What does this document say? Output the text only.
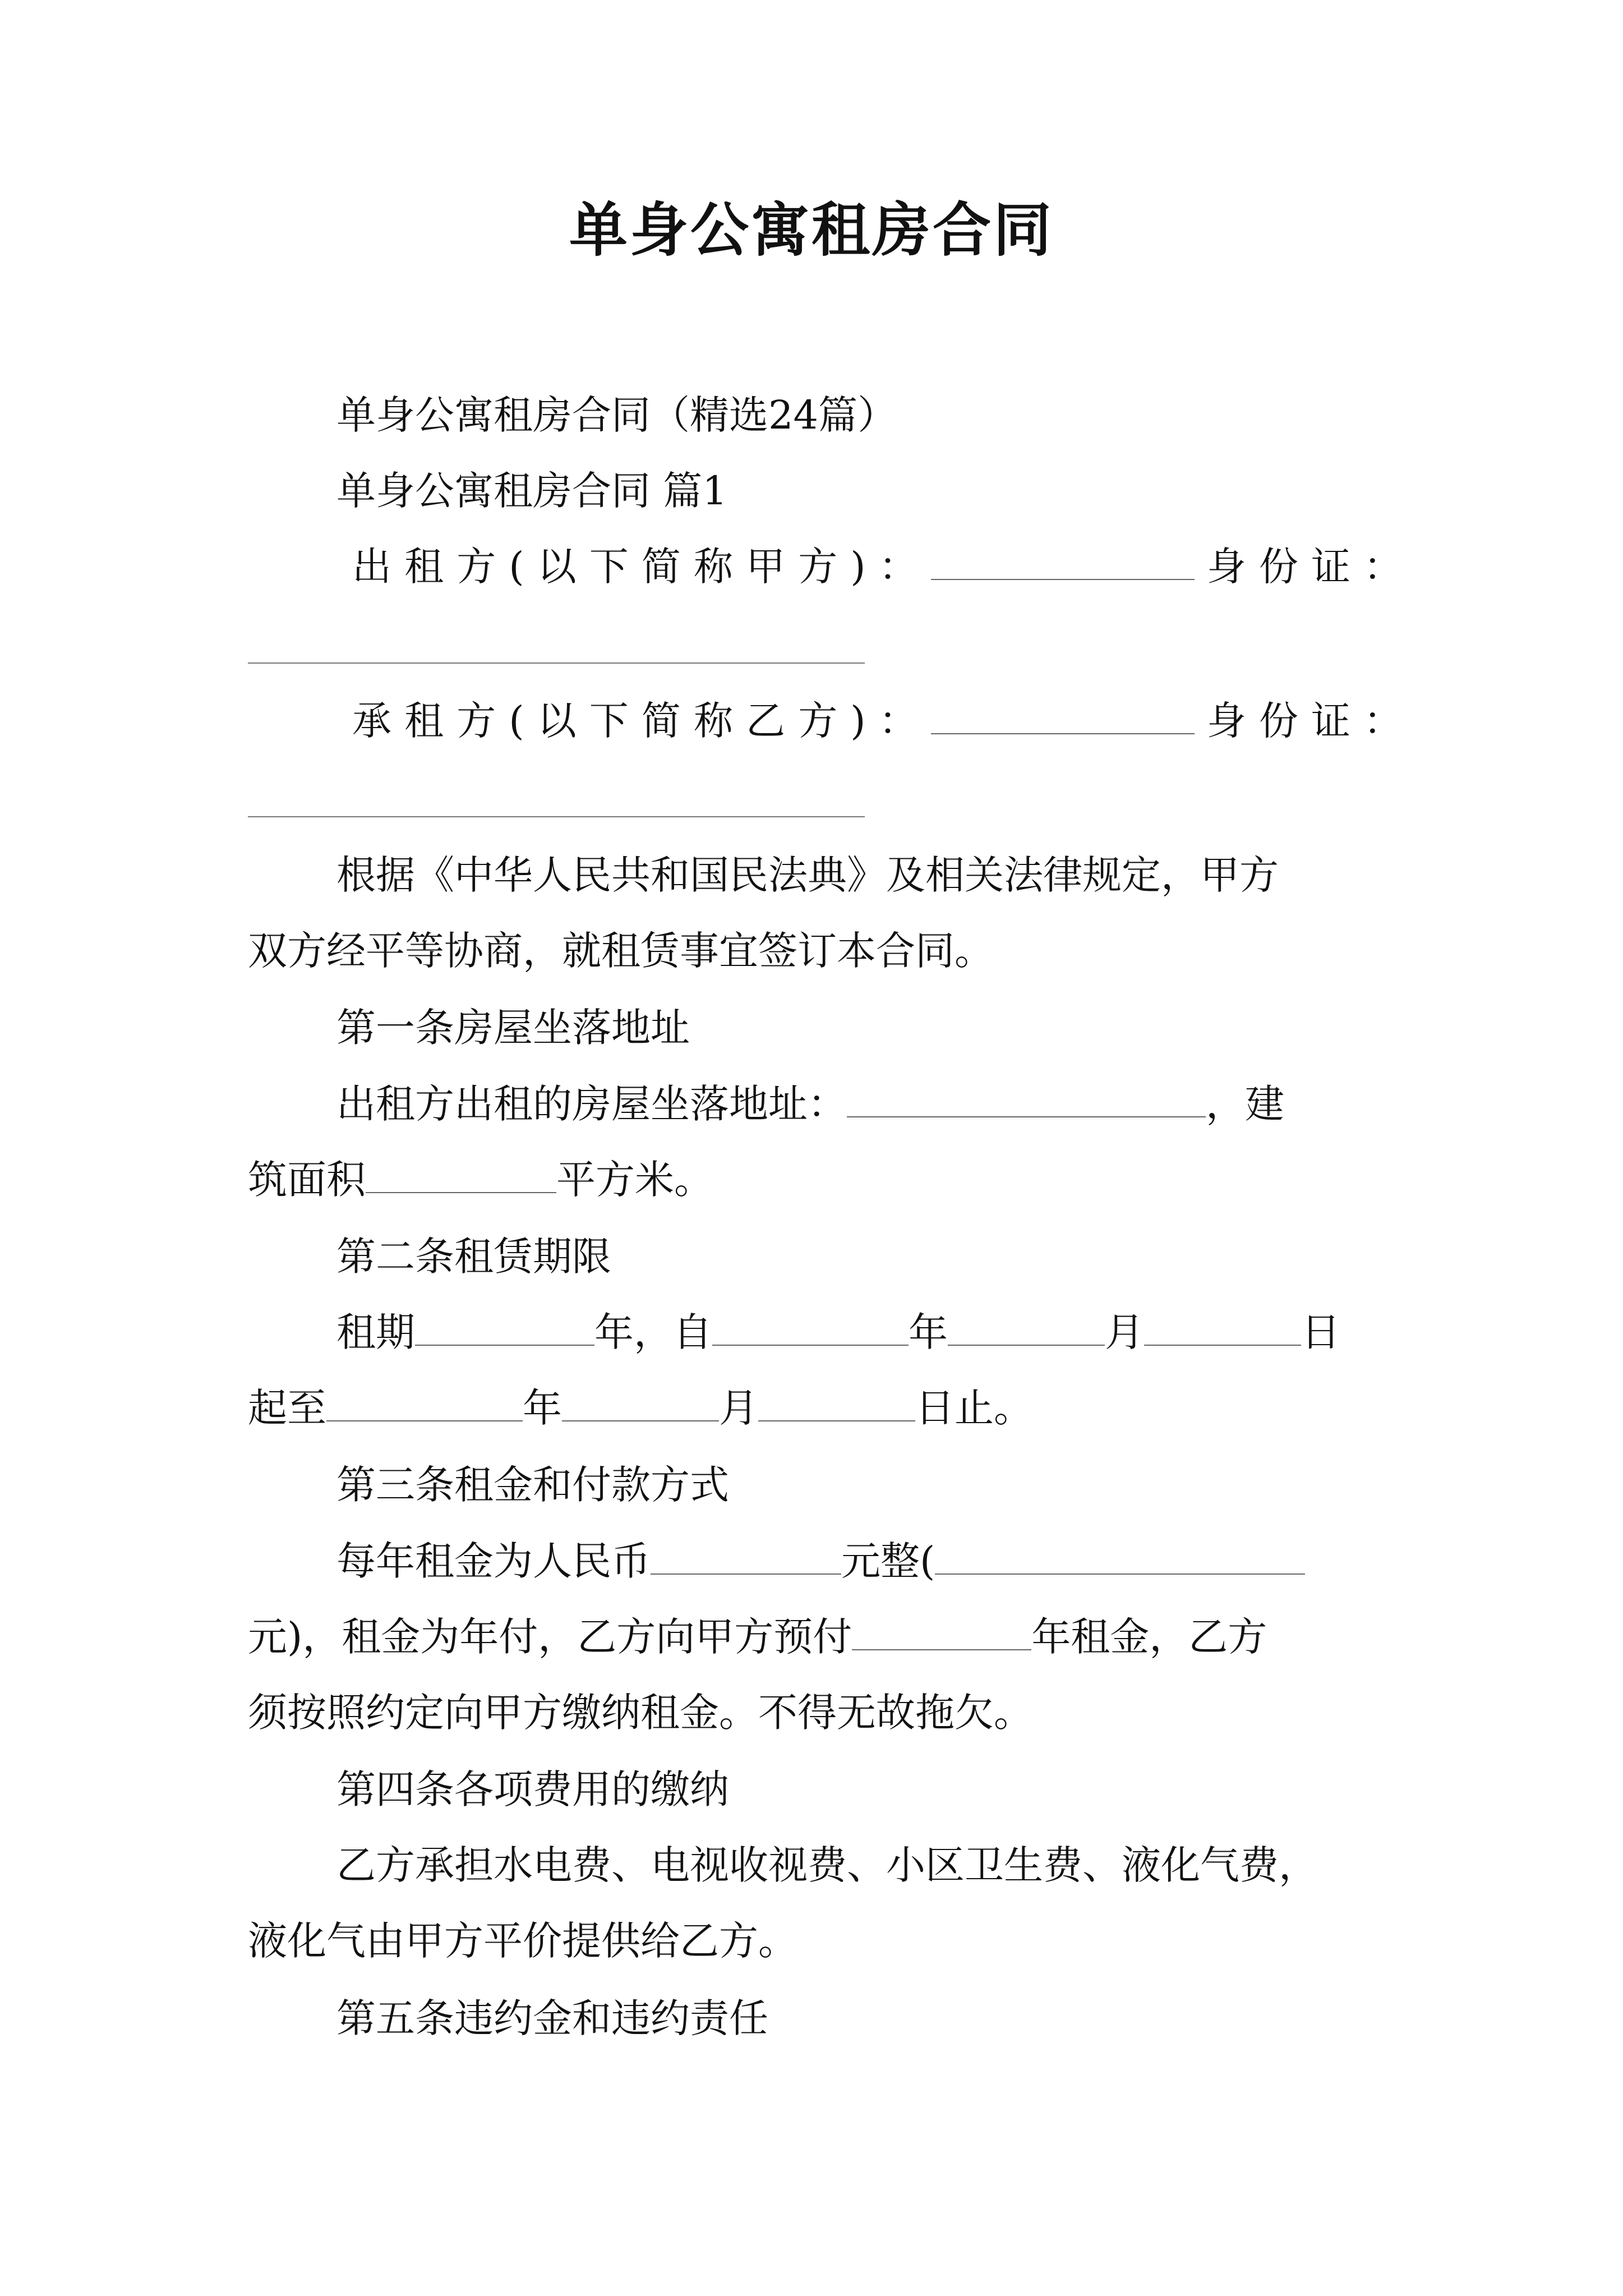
单身公寓租房合同
单身公寓租房合同（精选24篇）
单身公寓租房合同 篇1
出租方(以下简称甲方)：	身份证：
承租方(以下简称乙方)：	身份证：
根据《中华人民共和国民法典》及相关法律规定，甲方
双方经平等协商，就租赁事宜签订本合同。
第一条房屋坐落地址
出租方出租的房屋坐落地址：	，建
筑面积	平方米。
第二条租赁期限
租期	年，自	年	月	日
起至	年	月	日止。
第三条租金和付款方式
每年租金为人民币	元整(
元)，租金为年付，乙方向甲方预付	年租金，乙方
须按照约定向甲方缴纳租金。不得无故拖欠。
第四条各项费用的缴纳
乙方承担水电费、电视收视费、小区卫生费、液化气费，
液化气由甲方平价提供给乙方。
第五条违约金和违约责任
